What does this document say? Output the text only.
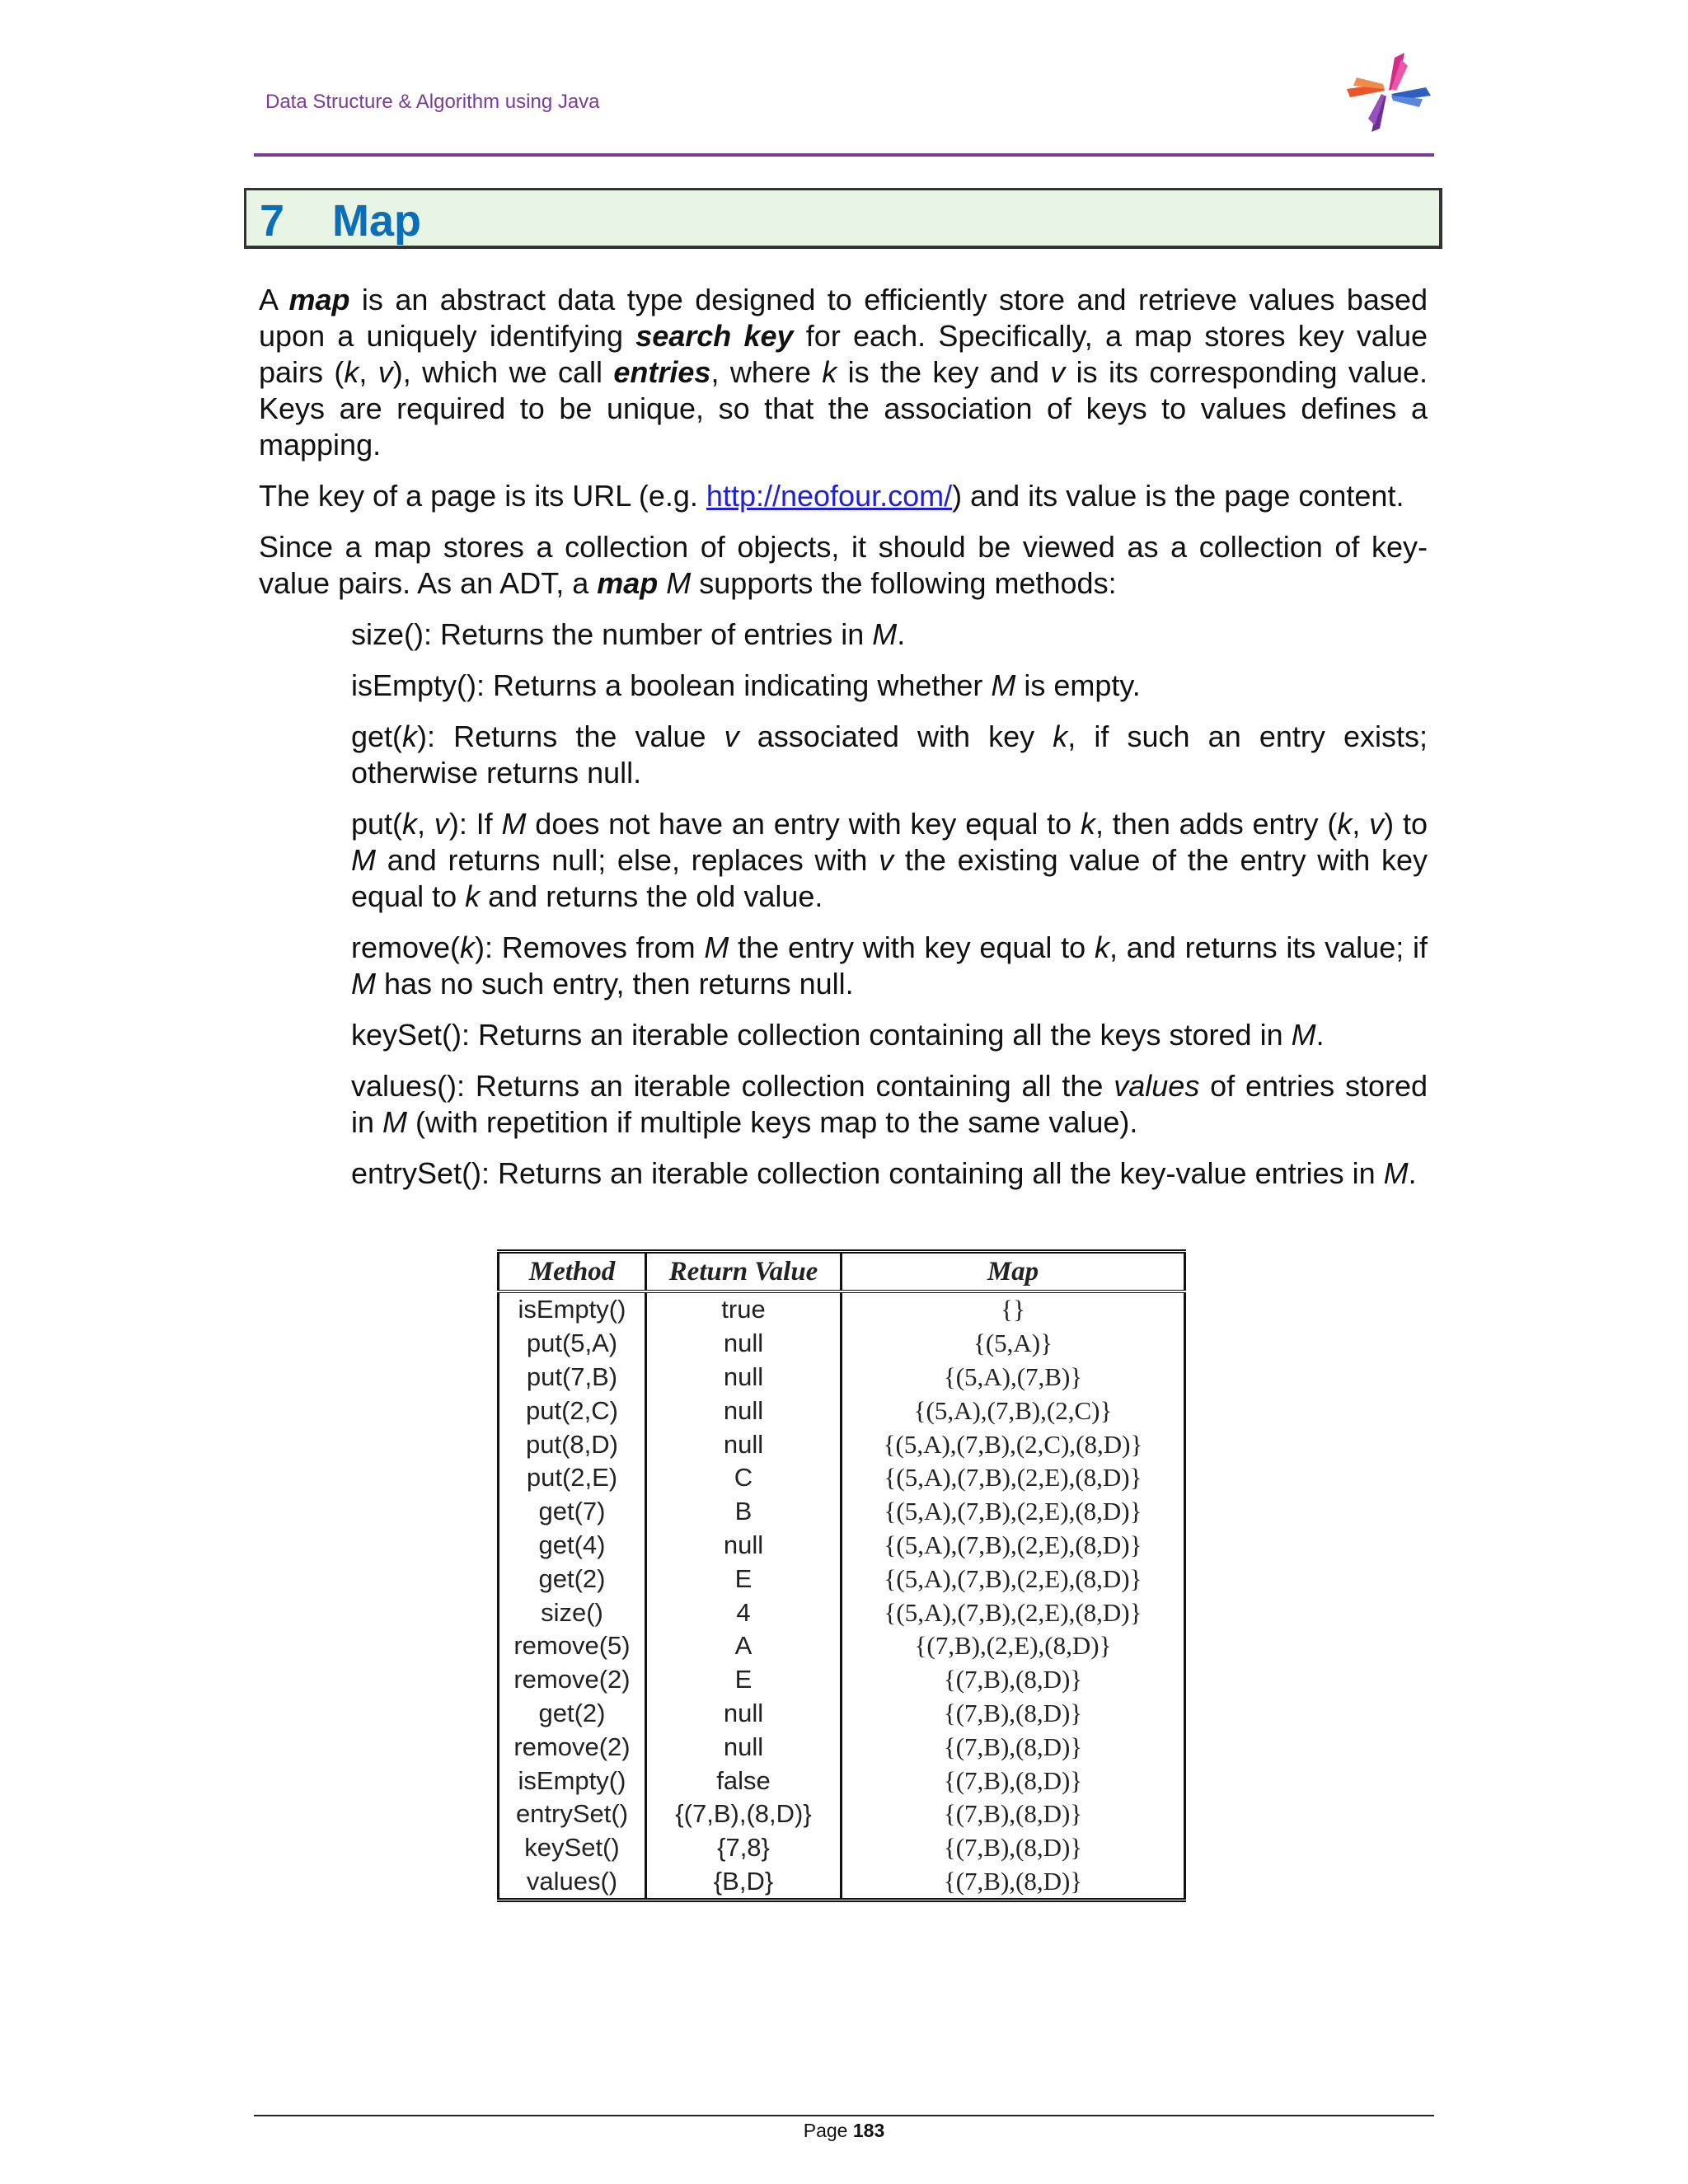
Data Structure & Algorithm using Java
7 Map

A map is an abstract data type designed to efficiently store and retrieve values based upon a uniquely identifying search key for each. Specifically, a map stores key value pairs (k, v), which we call entries, where k is the key and v is its corresponding value. Keys are required to be unique, so that the association of keys to values defines a mapping.

The key of a page is its URL (e.g. http://neofour.com/) and its value is the page content.

Since a map stores a collection of objects, it should be viewed as a collection of key-value pairs. As an ADT, a map M supports the following methods:

size(): Returns the number of entries in M.

isEmpty(): Returns a boolean indicating whether M is empty.

get(k): Returns the value v associated with key k, if such an entry exists; otherwise returns null.

put(k, v): If M does not have an entry with key equal to k, then adds entry (k, v) to M and returns null; else, replaces with v the existing value of the entry with key equal to k and returns the old value.

remove(k): Removes from M the entry with key equal to k, and returns its value; if M has no such entry, then returns null.

keySet(): Returns an iterable collection containing all the keys stored in M.

values(): Returns an iterable collection containing all the values of entries stored in M (with repetition if multiple keys map to the same value).

entrySet(): Returns an iterable collection containing all the key-value entries in M.

Method	Return Value	Map
isEmpty()	true	{}
put(5,A)	null	{(5,A)}
put(7,B)	null	{(5,A),(7,B)}
put(2,C)	null	{(5,A),(7,B),(2,C)}
put(8,D)	null	{(5,A),(7,B),(2,C),(8,D)}
put(2,E)	C	{(5,A),(7,B),(2,E),(8,D)}
get(7)	B	{(5,A),(7,B),(2,E),(8,D)}
get(4)	null	{(5,A),(7,B),(2,E),(8,D)}
get(2)	E	{(5,A),(7,B),(2,E),(8,D)}
size()	4	{(5,A),(7,B),(2,E),(8,D)}
remove(5)	A	{(7,B),(2,E),(8,D)}
remove(2)	E	{(7,B),(8,D)}
get(2)	null	{(7,B),(8,D)}
remove(2)	null	{(7,B),(8,D)}
isEmpty()	false	{(7,B),(8,D)}
entrySet()	{(7,B),(8,D)}	{(7,B),(8,D)}
keySet()	{7,8}	{(7,B),(8,D)}
values()	{B,D}	{(7,B),(8,D)}
Page 183
